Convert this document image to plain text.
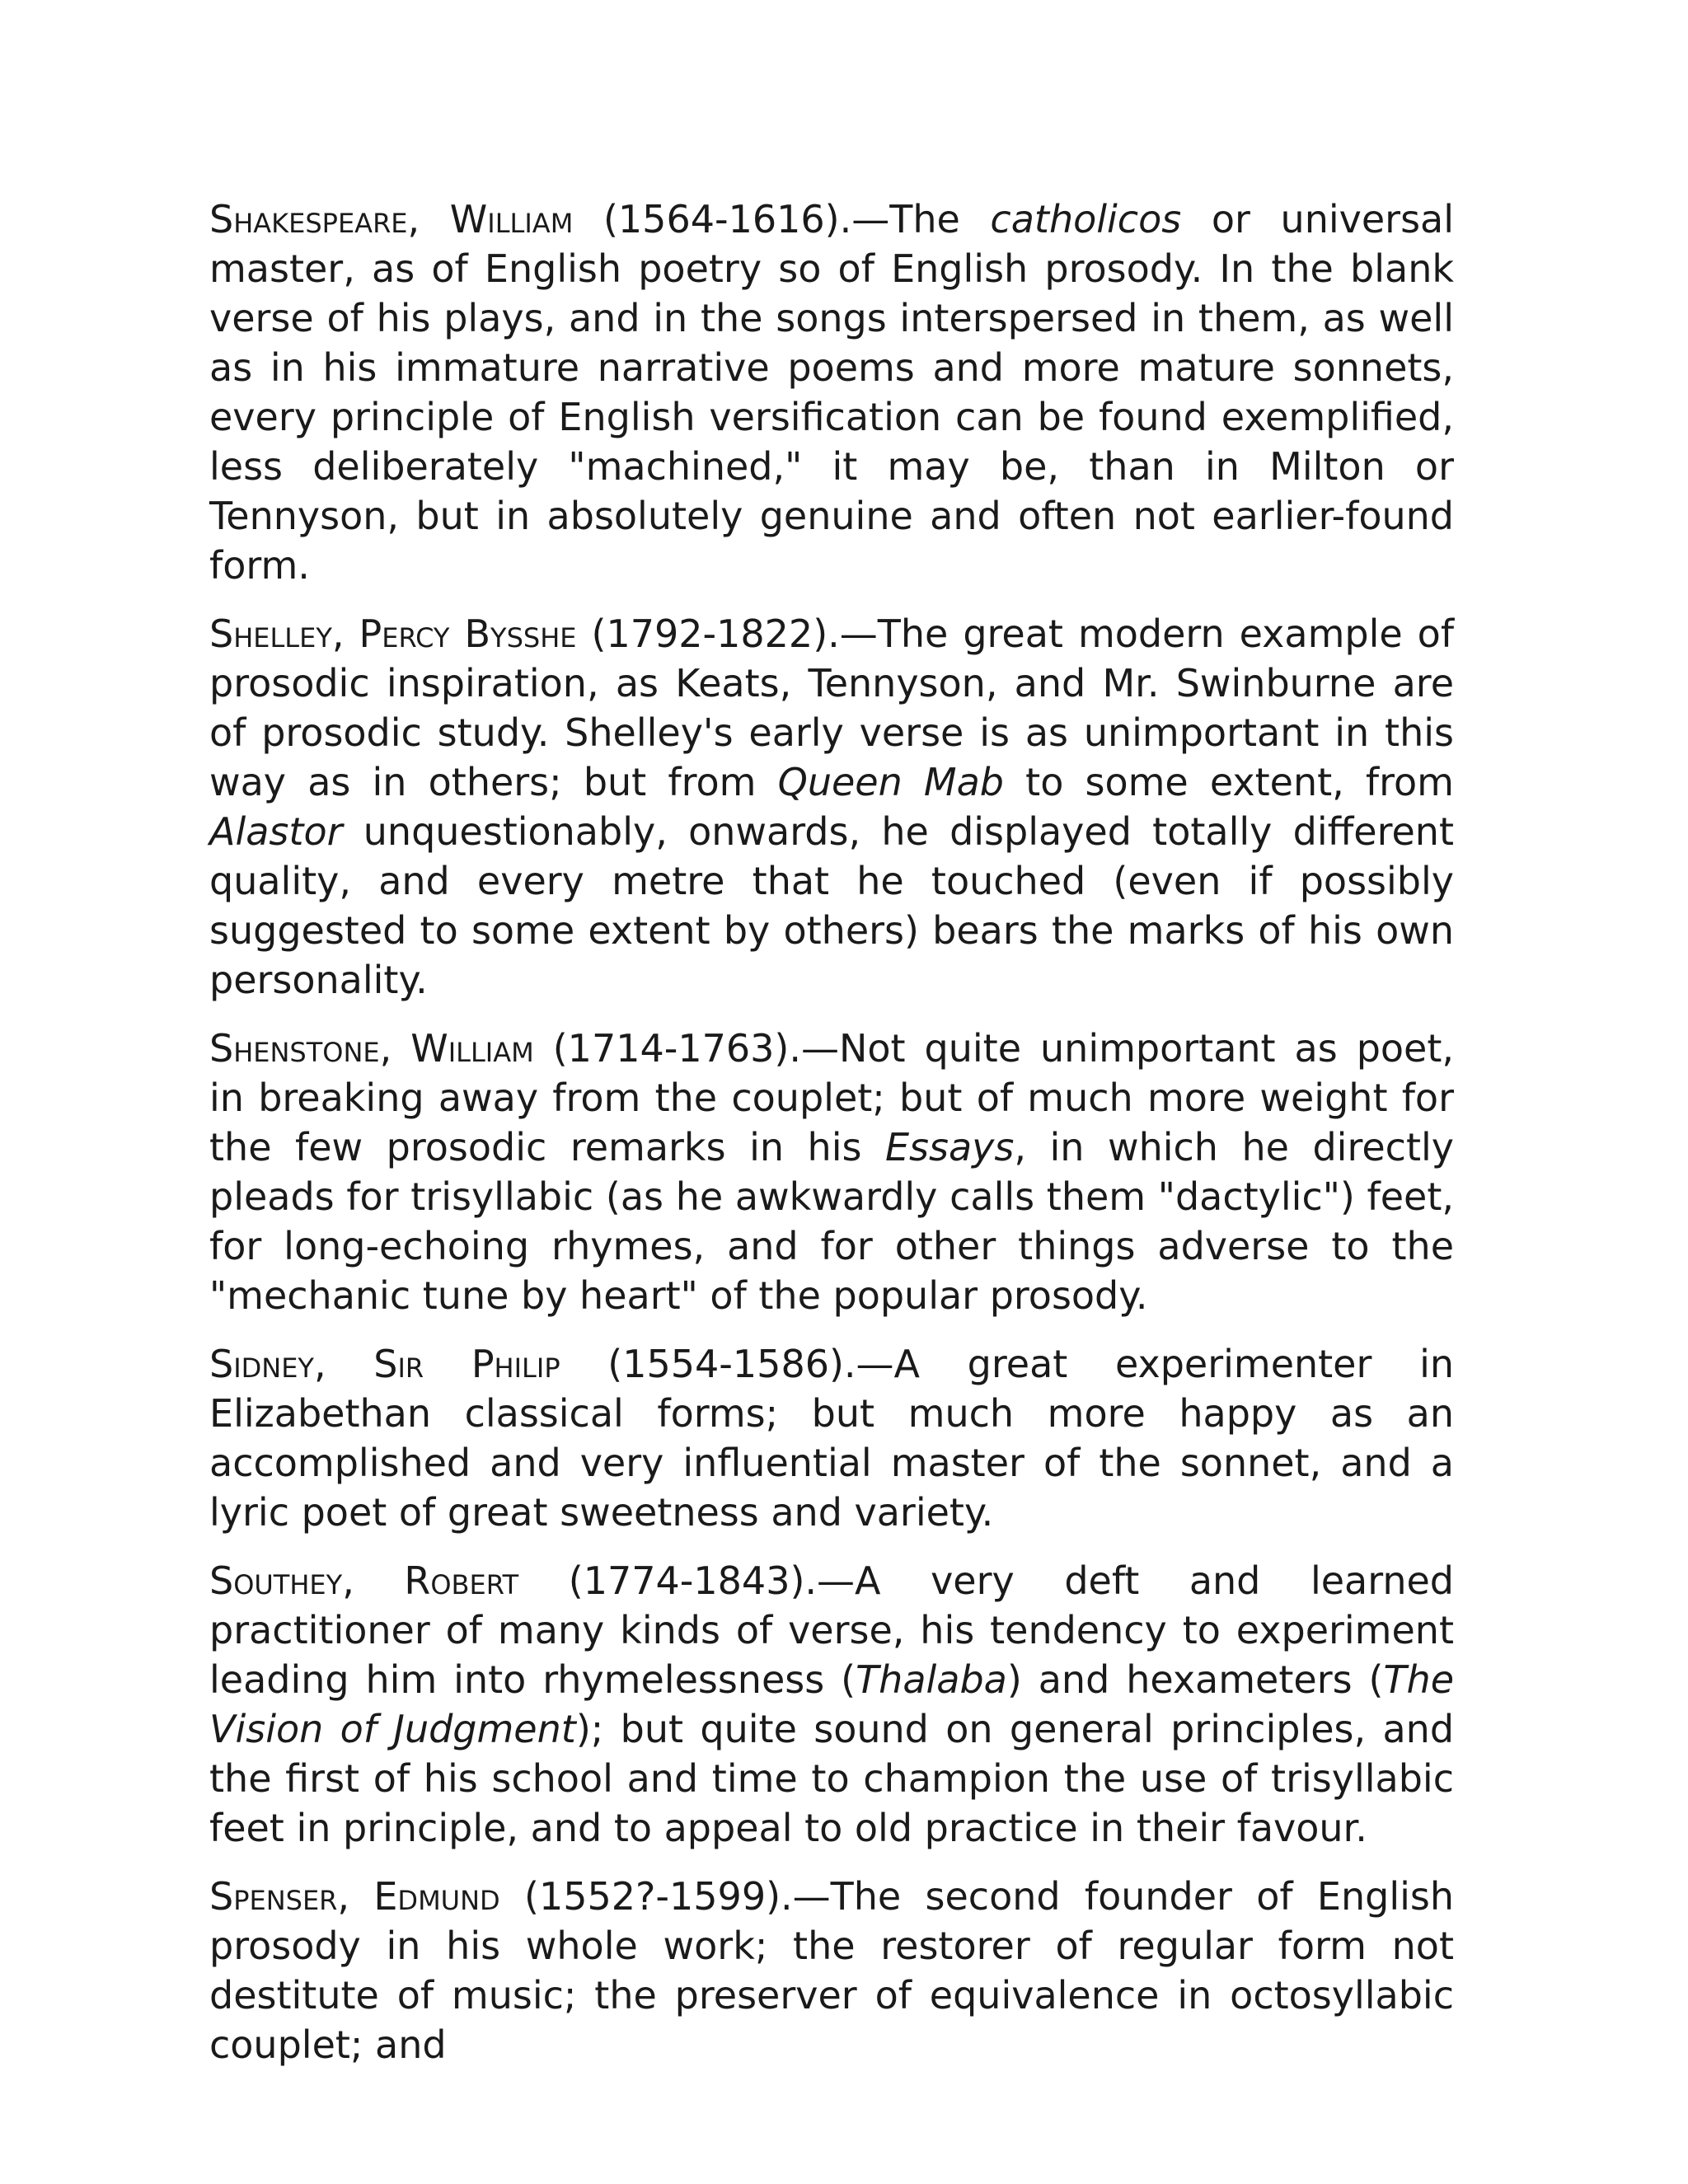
Shakespeare, William (1564-1616).—The catholicos or universal master, as of English poetry so of English prosody. In the blank verse of his plays, and in the songs interspersed in them, as well as in his immature narrative poems and more mature sonnets, every principle of English versification can be found exemplified, less deliberately "machined," it may be, than in Milton or Tennyson, but in absolutely genuine and often not earlier-found form.

Shelley, Percy Bysshe (1792-1822).—The great modern example of prosodic inspiration, as Keats, Tennyson, and Mr. Swinburne are of prosodic study. Shelley's early verse is as unimportant in this way as in others; but from Queen Mab to some extent, from Alastor unquestionably, onwards, he displayed totally different quality, and every metre that he touched (even if possibly suggested to some extent by others) bears the marks of his own personality.

Shenstone, William (1714-1763).—Not quite unimportant as poet, in breaking away from the couplet; but of much more weight for the few prosodic remarks in his Essays, in which he directly pleads for trisyllabic (as he awkwardly calls them "dactylic") feet, for long-echoing rhymes, and for other things adverse to the "mechanic tune by heart" of the popular prosody.

Sidney, Sir Philip (1554-1586).—A great experimenter in Elizabethan classical forms; but much more happy as an accomplished and very influential master of the sonnet, and a lyric poet of great sweetness and variety.

Southey, Robert (1774-1843).—A very deft and learned practitioner of many kinds of verse, his tendency to experiment leading him into rhymelessness (Thalaba) and hexameters (The Vision of Judgment); but quite sound on general principles, and the first of his school and time to champion the use of trisyllabic feet in principle, and to appeal to old practice in their favour.

Spenser, Edmund (1552?-1599).—The second founder of English prosody in his whole work; the restorer of regular form not destitute of music; the preserver of equivalence in octosyllabic couplet; and
